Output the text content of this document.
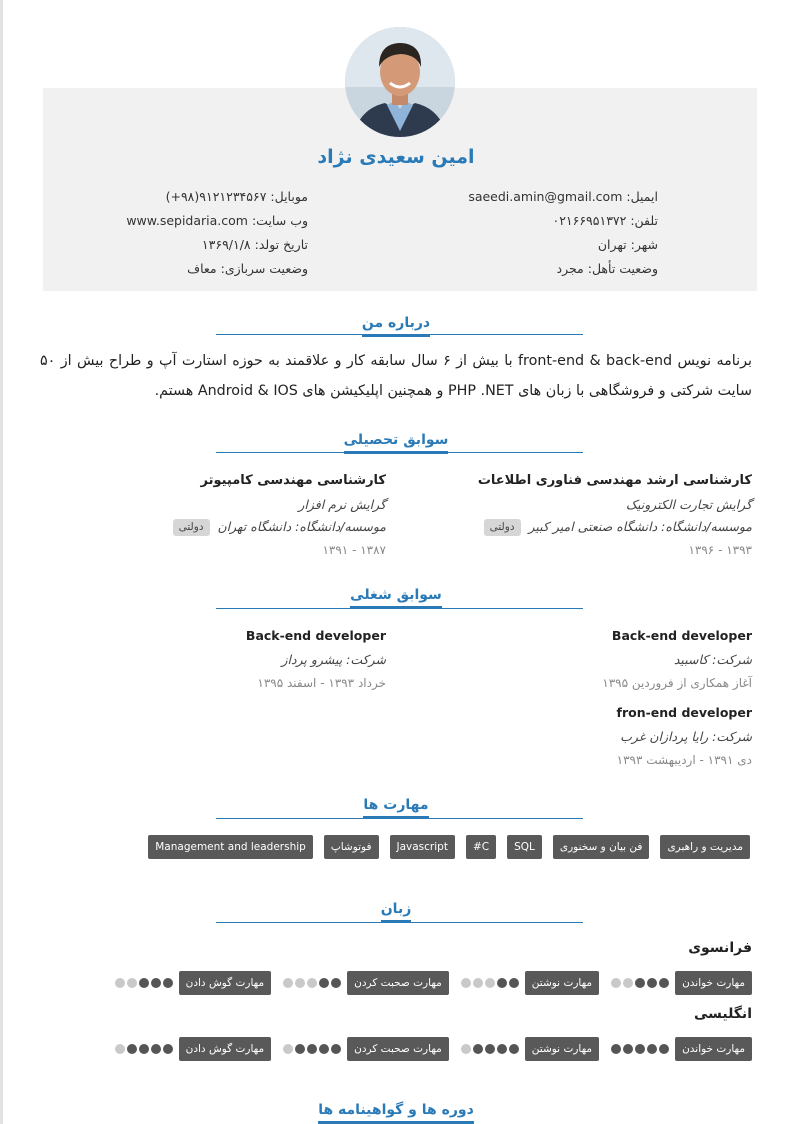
امین سعیدی نژاد
ایمیل: saeedi.amin@gmail.com
تلفن: ۰۲۱۶۶۹۵۱۳۷۲
شهر: تهران
وضعیت تأهل: مجرد
موبایل: (+۹۸)۹۱۲۱۲۳۴۵۶۷
وب سایت: www.sepidaria.com
تاریخ تولد: ۱۳۶۹/۱/۸
وضعیت سربازی: معاف
درباره من
برنامه نویس front-end & back-end با بیش از ۶ سال سابقه کار و علاقمند به حوزه استارت آپ و طراح بیش از ۵۰ سایت شرکتی و فروشگاهی با زبان های PHP .NET و همچنین اپلیکیشن های Android & IOS هستم.
سوابق تحصیلی
کارشناسی ارشد مهندسی فناوری اطلاعات
گرایش تجارت الکترونیک
موسسه/دانشگاه: دانشگاه صنعتی امیر کبیر دولتی
۱۳۹۳ - ۱۳۹۶
کارشناسی مهندسی کامپیوتر
گرایش نرم افزار
موسسه/دانشگاه: دانشگاه تهران دولتی
۱۳۸۷ - ۱۳۹۱
سوابق شغلی
Back-end developer
شرکت: کاسبید
آغاز همکاری از فروردین ۱۳۹۵
Back-end developer
شرکت: پیشرو پرداز
خرداد ۱۳۹۳ - اسفند ۱۳۹۵
fron-end developer
شرکت: رایا پردازان غرب
دی ۱۳۹۱ - اردیبهشت ۱۳۹۳
مهارت ها
مدیریت و راهبری
فن بیان و سخنوری
SQL
C#
Javascript
فوتوشاپ
Management and leadership
زبان
فرانسوی
مهارت خواندن
مهارت نوشتن
مهارت صحبت کردن
مهارت گوش دادن
انگلیسی
مهارت خواندن
مهارت نوشتن
مهارت صحبت کردن
مهارت گوش دادن
دوره ها و گواهینامه ها
